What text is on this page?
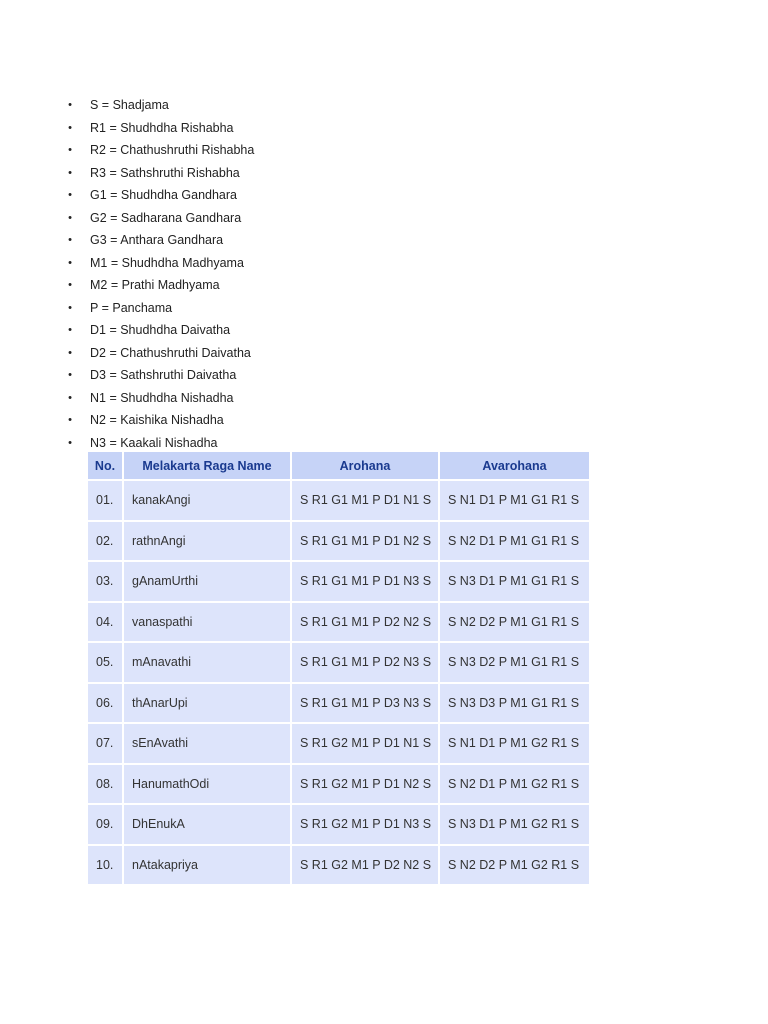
• S = Shadjama
• R1 = Shudhdha Rishabha
• R2 = Chathushruthi Rishabha
• R3 = Sathshruthi Rishabha
• G1 = Shudhdha Gandhara
• G2 = Sadharana Gandhara
• G3 = Anthara Gandhara
• M1 = Shudhdha Madhyama
• M2 = Prathi Madhyama
• P = Panchama
• D1 = Shudhdha Daivatha
• D2 = Chathushruthi Daivatha
• D3 = Sathshruthi Daivatha
• N1 = Shudhdha Nishadha
• N2 = Kaishika Nishadha
• N3 = Kaakali Nishadha
No.	Melakarta Raga Name	Arohana	Avarohana
01.	kanakAngi	S R1 G1 M1 P D1 N1 S	S N1 D1 P M1 G1 R1 S
02.	rathnAngi	S R1 G1 M1 P D1 N2 S	S N2 D1 P M1 G1 R1 S
03.	gAnamUrthi	S R1 G1 M1 P D1 N3 S	S N3 D1 P M1 G1 R1 S
04.	vanaspathi	S R1 G1 M1 P D2 N2 S	S N2 D2 P M1 G1 R1 S
05.	mAnavathi	S R1 G1 M1 P D2 N3 S	S N3 D2 P M1 G1 R1 S
06.	thAnarUpi	S R1 G1 M1 P D3 N3 S	S N3 D3 P M1 G1 R1 S
07.	sEnAvathi	S R1 G2 M1 P D1 N1 S	S N1 D1 P M1 G2 R1 S
08.	HanumathOdi	S R1 G2 M1 P D1 N2 S	S N2 D1 P M1 G2 R1 S
09.	DhEnukA	S R1 G2 M1 P D1 N3 S	S N3 D1 P M1 G2 R1 S
10.	nAtakapriya	S R1 G2 M1 P D2 N2 S	S N2 D2 P M1 G2 R1 S
